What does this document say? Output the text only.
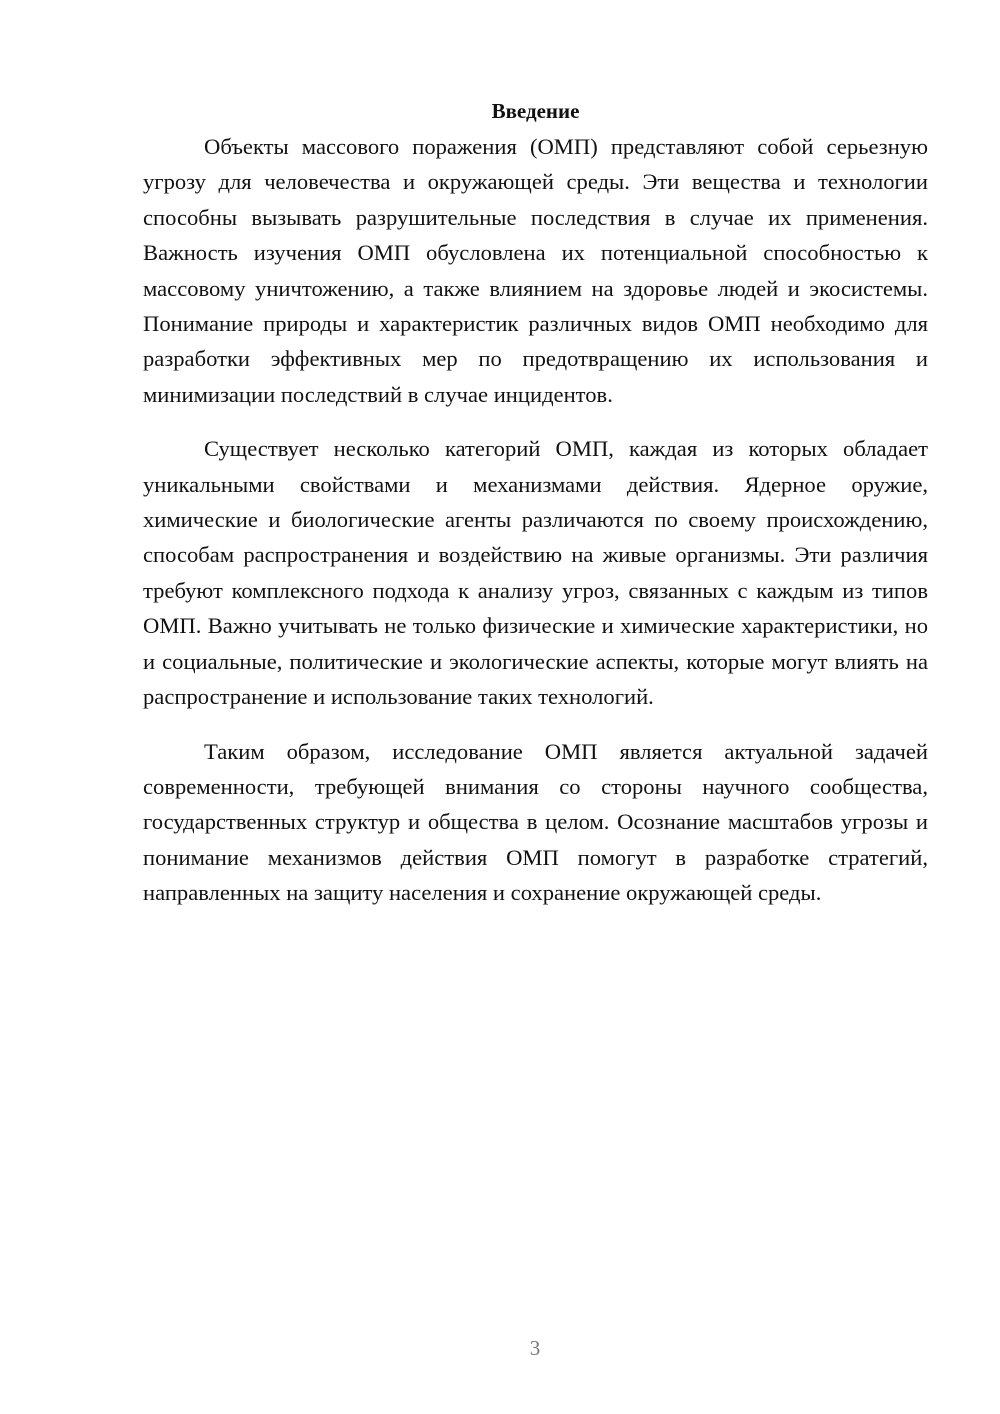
Введение

Объекты массового поражения (ОМП) представляют собой серьезную угрозу для человечества и окружающей среды. Эти вещества и технологии способны вызывать разрушительные последствия в случае их применения. Важность изучения ОМП обусловлена их потенциальной способностью к массовому уничтожению, а также влиянием на здоровье людей и экосистемы. Понимание природы и характеристик различных видов ОМП необходимо для разработки эффективных мер по предотвращению их использования и минимизации последствий в случае инцидентов.

Существует несколько категорий ОМП, каждая из которых обладает уникальными свойствами и механизмами действия. Ядерное оружие, химические и биологические агенты различаются по своему происхождению, способам распространения и воздействию на живые организмы. Эти различия требуют комплексного подхода к анализу угроз, связанных с каждым из типов ОМП. Важно учитывать не только физические и химические характеристики, но и социальные, политические и экологические аспекты, которые могут влиять на распространение и использование таких технологий.

Таким образом, исследование ОМП является актуальной задачей современности, требующей внимания со стороны научного сообщества, государственных структур и общества в целом. Осознание масштабов угрозы и понимание механизмов действия ОМП помогут в разработке стратегий, направленных на защиту населения и сохранение окружающей среды.

3
